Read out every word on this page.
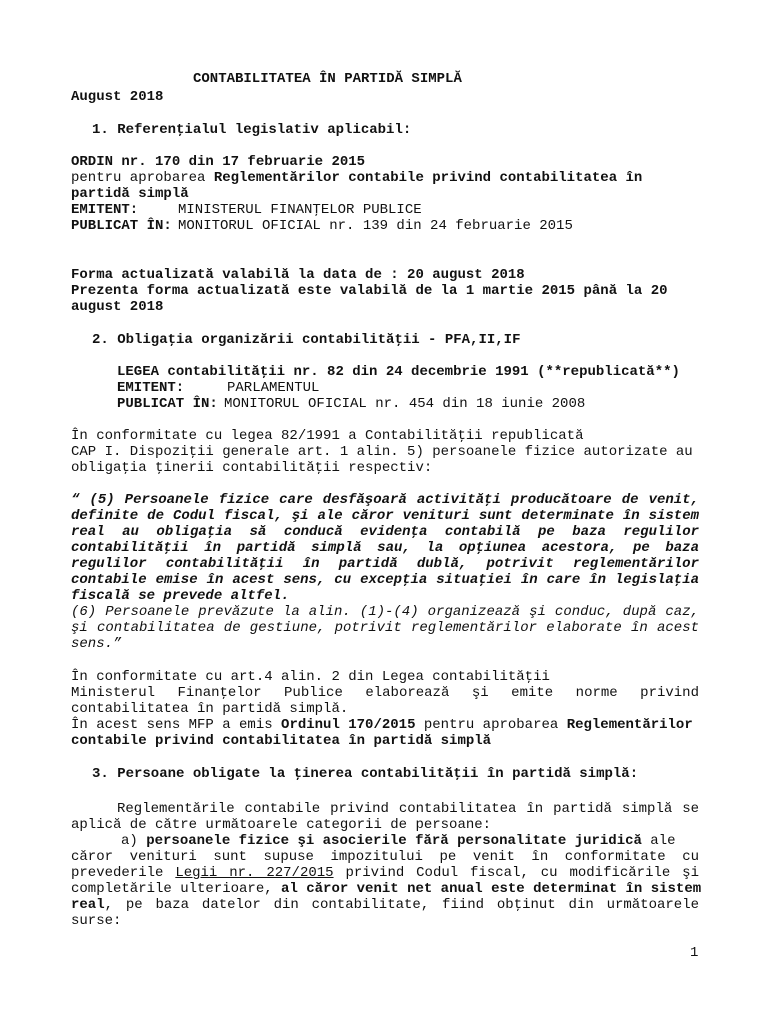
CONTABILITATEA ÎN PARTIDĂ SIMPLĂ
August 2018
1. Referenţialul legislativ aplicabil:
ORDIN nr. 170 din 17 februarie 2015
pentru aprobarea Reglementărilor contabile privind contabilitatea în
partidă simplă
EMITENT:	MINISTERUL FINANŢELOR PUBLICE
PUBLICAT ÎN: MONITORUL OFICIAL nr. 139 din 24 februarie 2015
Forma actualizată valabilă la data de : 20 august 2018
Prezenta forma actualizată este valabilă de la 1 martie 2015 până la 20
august 2018
2. Obligaţia organizării contabilităţii - PFA,II,IF
LEGEA contabilităţii nr. 82 din 24 decembrie 1991 (**republicată**)
EMITENT:	PARLAMENTUL
PUBLICAT ÎN: MONITORUL OFICIAL nr. 454 din 18 iunie 2008
În conformitate cu legea 82/1991 a Contabilităţii republicată
CAP I. Dispoziţii generale art. 1 alin. 5) persoanele fizice autorizate au
obligaţia ţinerii contabilităţii respectiv:
“ (5) Persoanele fizice care desfăşoară activităţi producătoare de venit,
definite de Codul fiscal, şi ale căror venituri sunt determinate în sistem
real au obligaţia să conducă evidenţa contabilă pe baza regulilor
contabilităţii în partidă simplă sau, la opţiunea acestora, pe baza
regulilor contabilităţii în partidă dublă, potrivit reglementărilor
contabile emise în acest sens, cu excepţia situaţiei în care în legislaţia
fiscală se prevede altfel.
(6) Persoanele prevăzute la alin. (1)-(4) organizează şi conduc, după caz,
şi contabilitatea de gestiune, potrivit reglementărilor elaborate în acest
sens.”
În conformitate cu art.4 alin. 2 din Legea contabilităţii
Ministerul Finanţelor Publice elaborează şi emite norme privind
contabilitatea în partidă simplă.
În acest sens MFP a emis Ordinul 170/2015 pentru aprobarea Reglementărilor
contabile privind contabilitatea în partidă simplă
3. Persoane obligate la ţinerea contabilităţii în partidă simplă:
Reglementările contabile privind contabilitatea în partidă simplă se
aplică de către următoarele categorii de persoane:
a) persoanele fizice şi asocierile fără personalitate juridică ale
căror venituri sunt supuse impozitului pe venit în conformitate cu
prevederile Legii nr. 227/2015 privind Codul fiscal, cu modificările şi
completările ulterioare, al căror venit net anual este determinat în sistem
real, pe baza datelor din contabilitate, fiind obţinut din următoarele
surse:
1
